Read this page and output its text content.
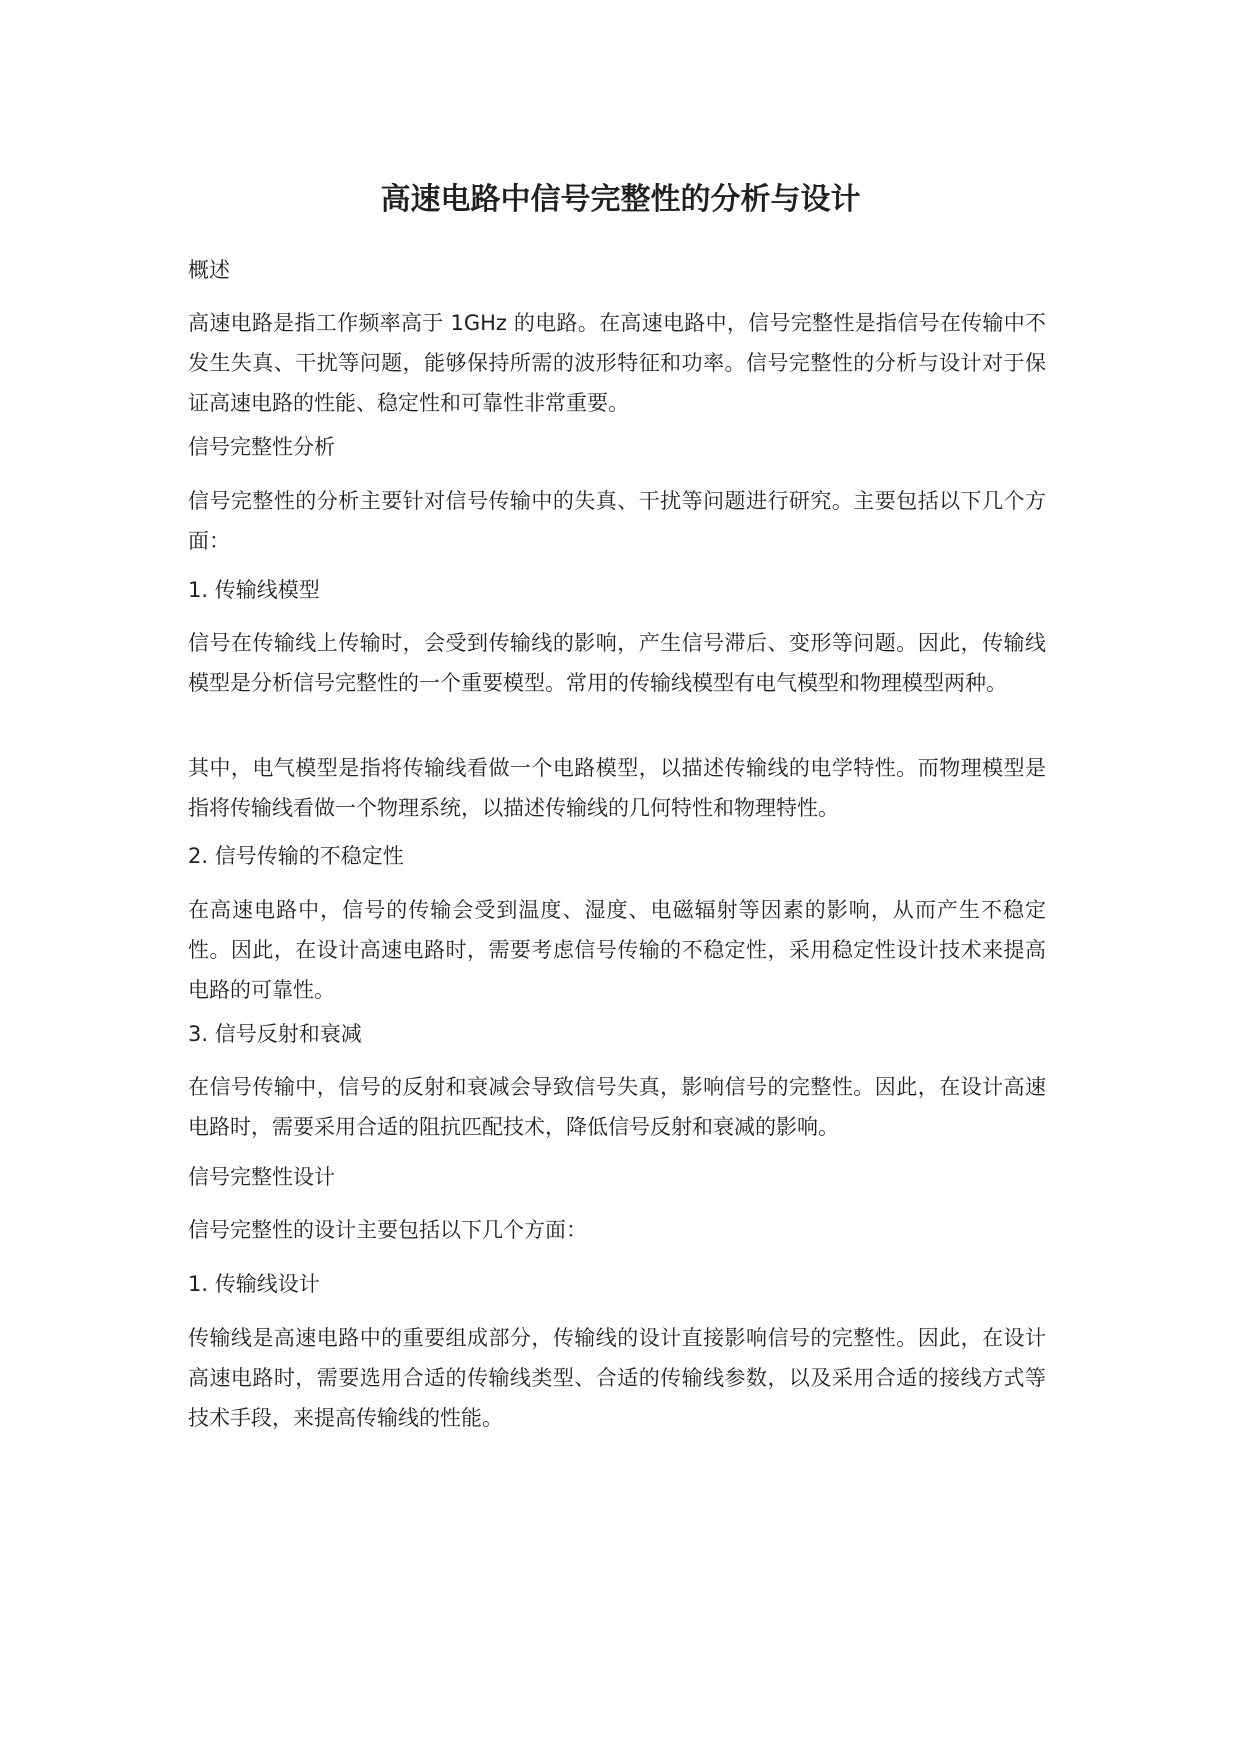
高速电路中信号完整性的分析与设计

概述

高速电路是指工作频率高于 1GHz 的电路。在高速电路中，信号完整性是指信号在传输中不发生失真、干扰等问题，能够保持所需的波形特征和功率。信号完整性的分析与设计对于保证高速电路的性能、稳定性和可靠性非常重要。

信号完整性分析

信号完整性的分析主要针对信号传输中的失真、干扰等问题进行研究。主要包括以下几个方面：

1. 传输线模型

信号在传输线上传输时，会受到传输线的影响，产生信号滞后、变形等问题。因此，传输线模型是分析信号完整性的一个重要模型。常用的传输线模型有电气模型和物理模型两种。

其中，电气模型是指将传输线看做一个电路模型，以描述传输线的电学特性。而物理模型是指将传输线看做一个物理系统，以描述传输线的几何特性和物理特性。

2. 信号传输的不稳定性

在高速电路中，信号的传输会受到温度、湿度、电磁辐射等因素的影响，从而产生不稳定性。因此，在设计高速电路时，需要考虑信号传输的不稳定性，采用稳定性设计技术来提高电路的可靠性。

3. 信号反射和衰减

在信号传输中，信号的反射和衰减会导致信号失真，影响信号的完整性。因此，在设计高速电路时，需要采用合适的阻抗匹配技术，降低信号反射和衰减的影响。

信号完整性设计

信号完整性的设计主要包括以下几个方面：

1. 传输线设计

传输线是高速电路中的重要组成部分，传输线的设计直接影响信号的完整性。因此，在设计高速电路时，需要选用合适的传输线类型、合适的传输线参数，以及采用合适的接线方式等技术手段，来提高传输线的性能。
